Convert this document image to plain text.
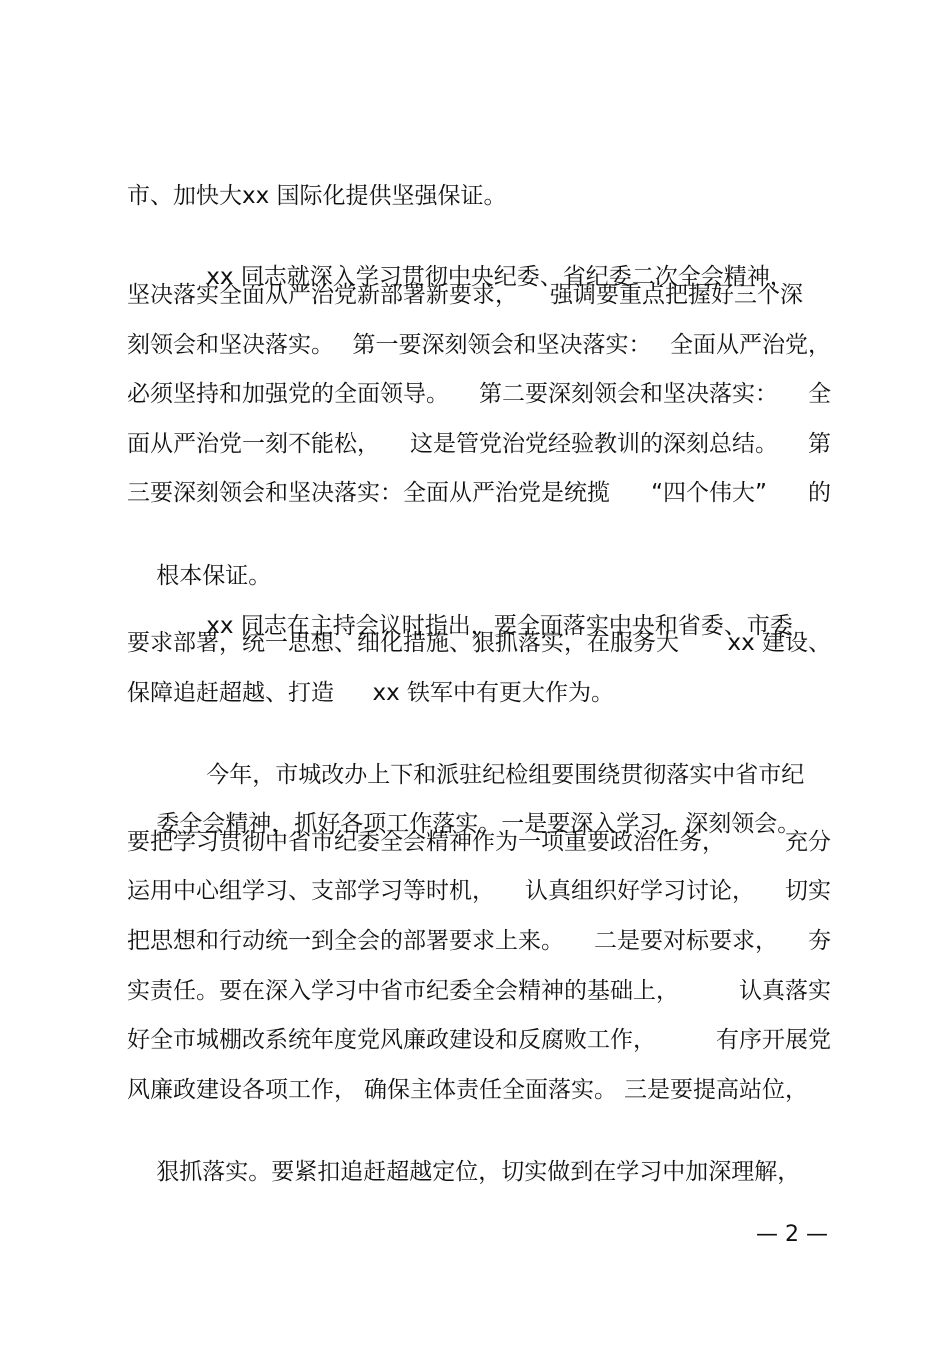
市、加快大 xx 国际化提供坚强保证。

xx 同志就深入学习贯彻中央纪委、省纪委二次全会精神，

坚决落实全面从严治党新部署新要求， 强调要重点把握好三个深
刻领会和坚决落实。 第一要深刻领会和坚决落实： 全面从严治党，
必须坚持和加强党的全面领导。 第二要深刻领会和坚决落实： 全
面从严治党一刻不能松， 这是管党治党经验教训的深刻总结。 第
三要深刻领会和坚决落实：全面从严治党是统揽 “四个伟大” 的

根本保证。

xx 同志在主持会议时指出，要全面落实中央和省委、市委

要求部署，统一思想、细化措施、狠抓落实，在服务大 xx 建设、
保障追赶超越、打造 xx 铁军中有更大作为。

今年，市城改办上下和派驻纪检组要围绕贯彻落实中省市纪

委全会精神，抓好各项工作落实。一是要深入学习，深刻领会。

要把学习贯彻中省市纪委全会精神作为一项重要政治任务，	充分
运用中心组学习、支部学习等时机， 认真组织好学习讨论， 切实
把思想和行动统一到全会的部署要求上来。 二是要对标要求， 夯
实责任。要在深入学习中省市纪委全会精神的基础上，	认真落实
好全市城棚改系统年度党风廉政建设和反腐败工作，	有序开展党
风廉政建设各项工作， 确保主体责任全面落实。 三是要提高站位，

狠抓落实。要紧扣追赶超越定位，切实做到在学习中加深理解，

— 2 —
